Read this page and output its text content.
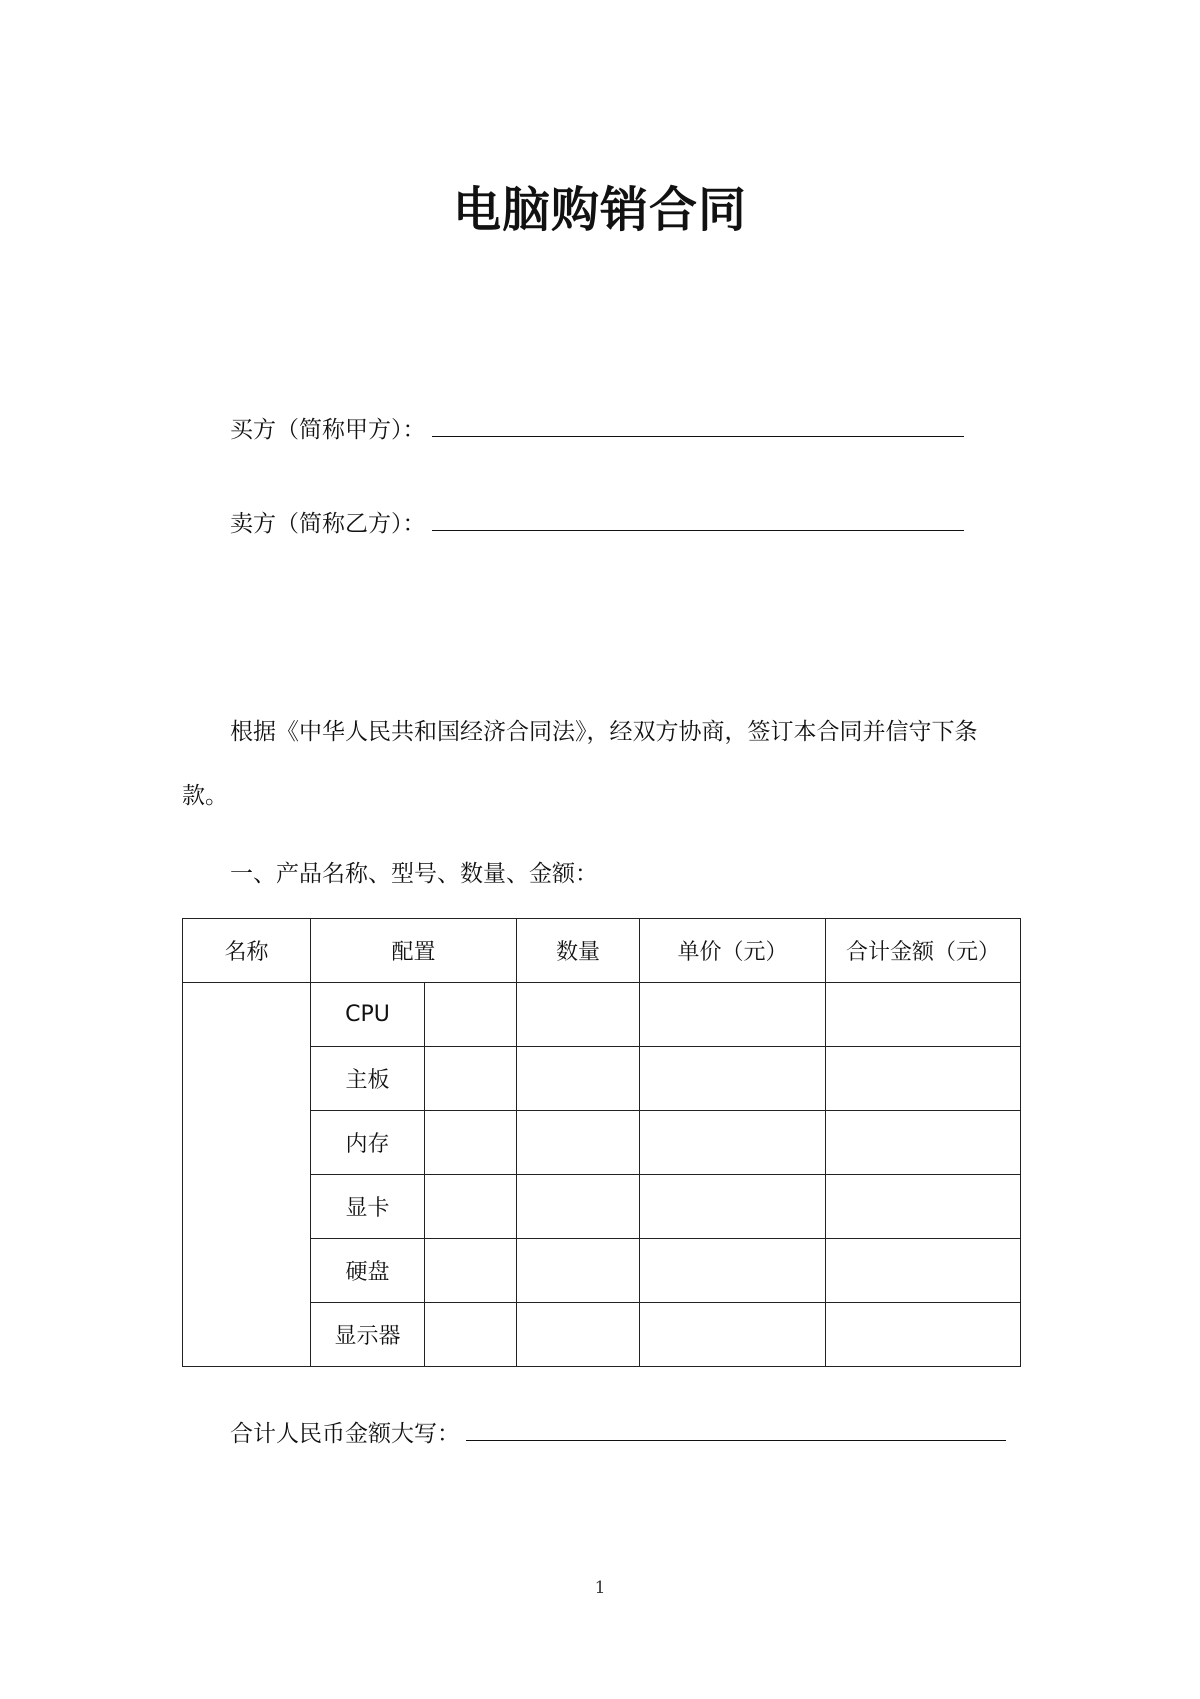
电脑购销合同
买方（简称甲方）：
卖方（简称乙方）：
根据《中华人民共和国经济合同法》，经双方协商，签订本合同并信守下条款。
一、产品名称、型号、数量、金额：
名称	配置		数量	单价（元）	合计金额（元）
	CPU				
	主板				
	内存				
	显卡				
	硬盘				
	显示器				
合计人民币金额大写：
1
